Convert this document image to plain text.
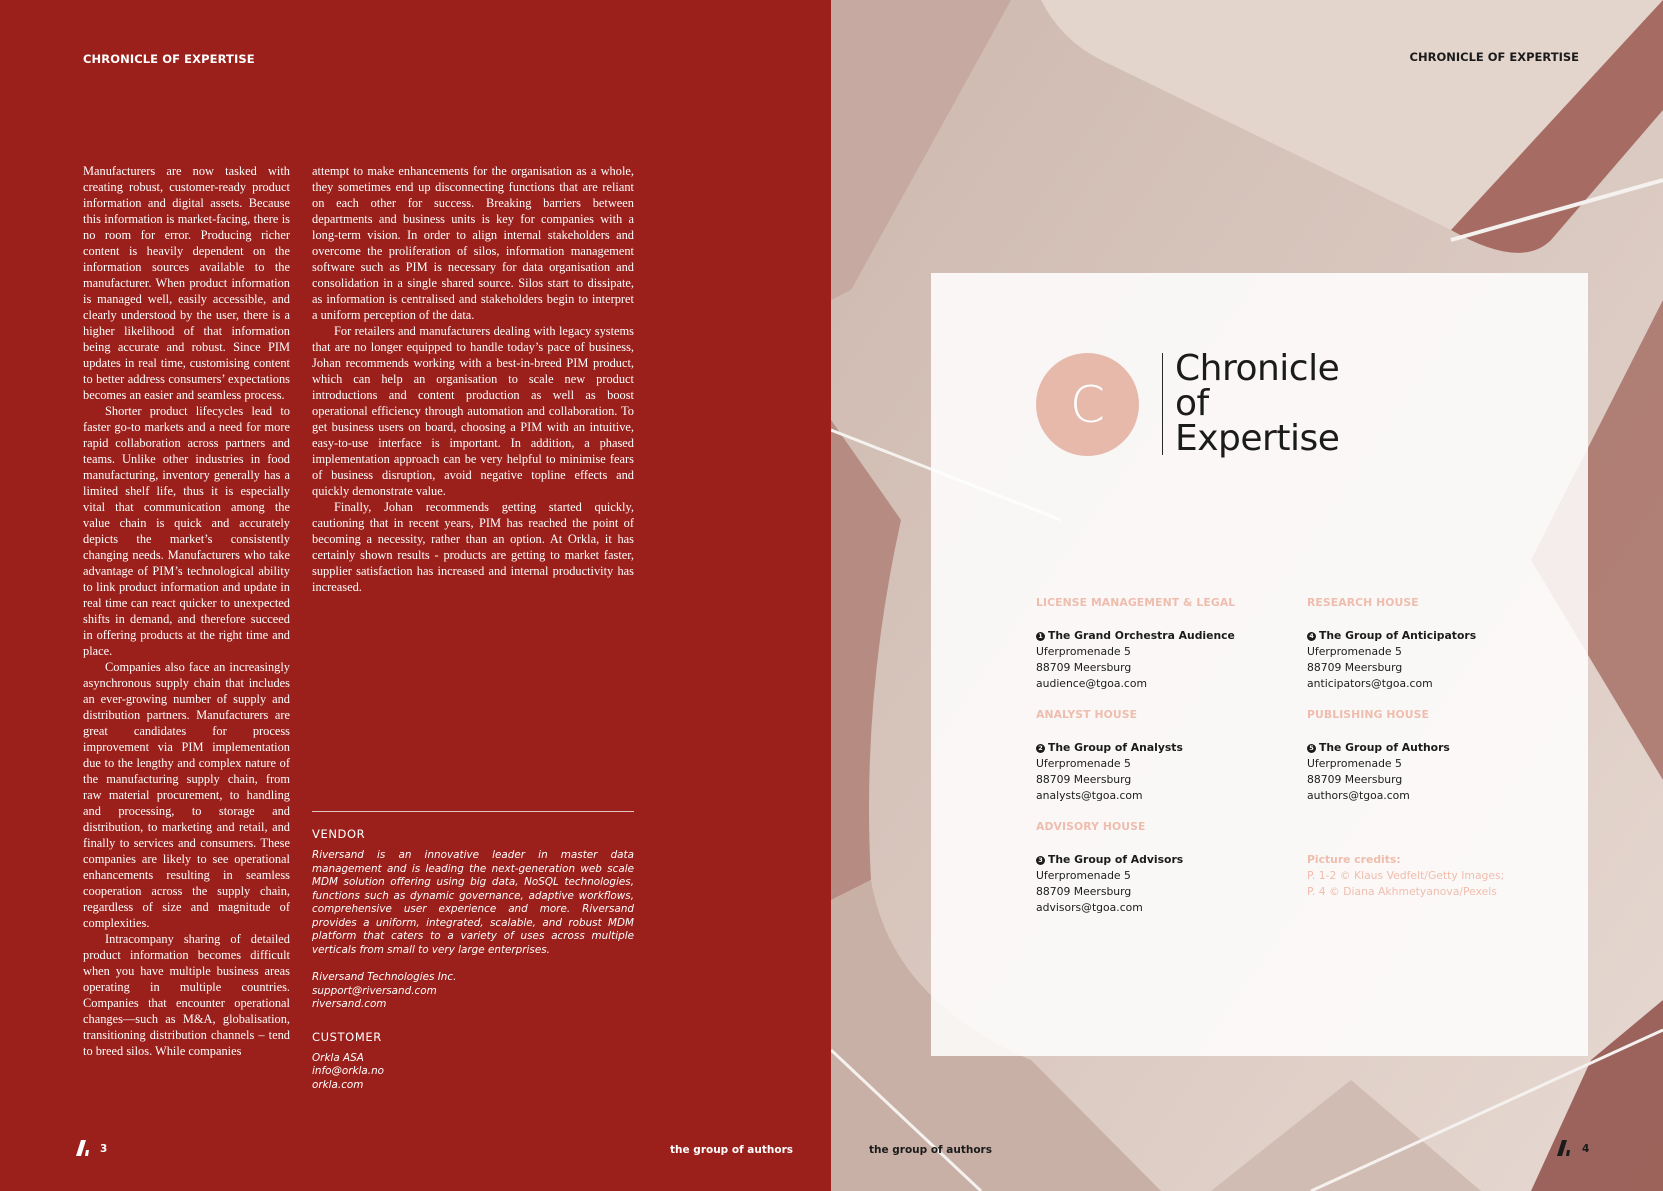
CHRONICLE OF EXPERTISE

Manufacturers are now tasked with creating robust, customer-ready product information and digital assets. Because this information is market-facing, there is no room for error. Producing richer content is heavily dependent on the information sources available to the manufacturer. When product information is managed well, easily accessible, and clearly understood by the user, there is a higher likelihood of that information being accurate and robust. Since PIM updates in real time, customising content to better address consumers’ expectations becomes an easier and seamless process.

Shorter product lifecycles lead to faster go-to markets and a need for more rapid collaboration across partners and teams. Unlike other industries in food manufacturing, inventory generally has a limited shelf life, thus it is especially vital that communication among the value chain is quick and accurately depicts the market’s consistently changing needs. Manufacturers who take advantage of PIM’s technological ability to link product information and update in real time can react quicker to unexpected shifts in demand, and therefore succeed in offering products at the right time and place.

Companies also face an increasingly asynchronous supply chain that includes an ever-growing number of supply and distribution partners. Manufacturers are great candidates for process improvement via PIM implementation due to the lengthy and complex nature of the manufacturing supply chain, from raw material procurement, to handling and processing, to storage and distribution, to marketing and retail, and finally to services and consumers. These companies are likely to see operational enhancements resulting in seamless cooperation across the supply chain, regardless of size and magnitude of complexities.

Intracompany sharing of detailed product information becomes difficult when you have multiple business areas operating in multiple countries. Companies that encounter operational changes—such as M&A, globalisation, transitioning distribution channels – tend to breed silos. While companies

attempt to make enhancements for the organisation as a whole, they sometimes end up disconnecting functions that are reliant on each other for success. Breaking barriers between departments and business units is key for companies with a long-term vision. In order to align internal stakeholders and overcome the proliferation of silos, information management software such as PIM is necessary for data organisation and consolidation in a single shared source. Silos start to dissipate, as information is centralised and stakeholders begin to interpret a uniform perception of the data.

For retailers and manufacturers dealing with legacy systems that are no longer equipped to handle today’s pace of business, Johan recommends working with a best-in-breed PIM product, which can help an organisation to scale new product introductions and content production as well as boost operational efficiency through automation and collaboration. To get business users on board, choosing a PIM with an intuitive, easy-to-use interface is important. In addition, a phased implementation approach can be very helpful to minimise fears of business disruption, avoid negative topline effects and quickly demonstrate value.

Finally, Johan recommends getting started quickly, cautioning that in recent years, PIM has reached the point of becoming a necessity, rather than an option. At Orkla, it has certainly shown results - products are getting to market faster, supplier satisfaction has increased and internal productivity has increased.

VENDOR
Riversand is an innovative leader in master data management and is leading the next-generation web scale MDM solution offering using big data, NoSQL technologies, functions such as dynamic governance, adaptive workflows, comprehensive user experience and more. Riversand provides a uniform, integrated, scalable, and robust MDM platform that caters to a variety of uses across multiple verticals from small to very large enterprises.
Riversand Technologies Inc.
support@riversand.com
riversand.com
CUSTOMER
Orkla ASA
info@orkla.no
orkla.com
3	the group of authors
CHRONICLE OF EXPERTISE
C
Chronicle
of
Expertise
LICENSE MANAGEMENT & LEGAL
1 The Grand Orchestra Audience
Uferpromenade 5
88709 Meersburg
audience@tgoa.com
ANALYST HOUSE
2 The Group of Analysts
Uferpromenade 5
88709 Meersburg
analysts@tgoa.com
ADVISORY HOUSE
3 The Group of Advisors
Uferpromenade 5
88709 Meersburg
advisors@tgoa.com
RESEARCH HOUSE
4 The Group of Anticipators
Uferpromenade 5
88709 Meersburg
anticipators@tgoa.com
PUBLISHING HOUSE
5 The Group of Authors
Uferpromenade 5
88709 Meersburg
authors@tgoa.com
Picture credits:
P. 1-2 © Klaus Vedfelt/Getty Images;
P. 4 © Diana Akhmetyanova/Pexels
the group of authors	4
